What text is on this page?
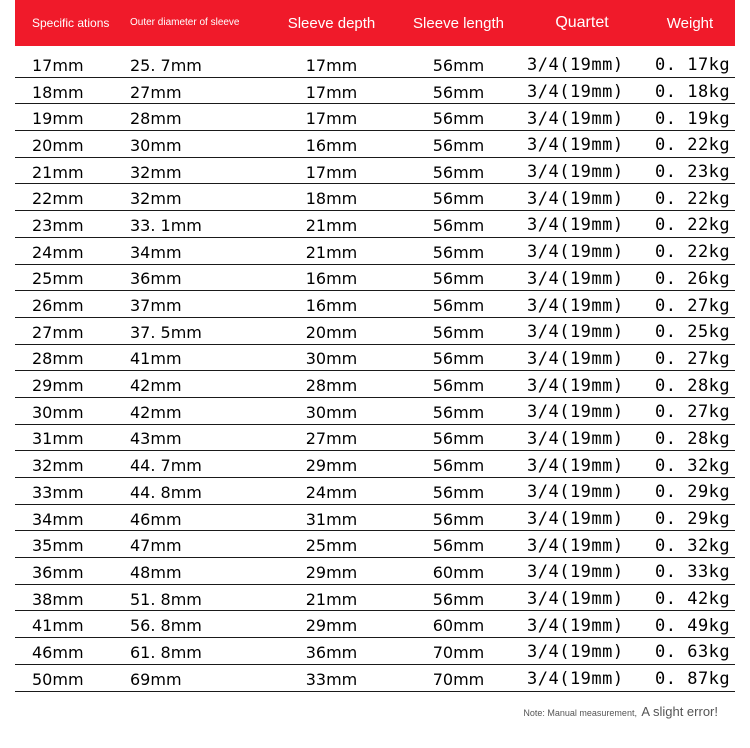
Specific ations	Outer diameter of sleeve	Sleeve depth	Sleeve length	Quartet	Weight
17mm	25. 7mm	17mm	56mm	3/4(19mm)	0. 17kg
18mm	27mm	17mm	56mm	3/4(19mm)	0. 18kg
19mm	28mm	17mm	56mm	3/4(19mm)	0. 19kg
20mm	30mm	16mm	56mm	3/4(19mm)	0. 22kg
21mm	32mm	17mm	56mm	3/4(19mm)	0. 23kg
22mm	32mm	18mm	56mm	3/4(19mm)	0. 22kg
23mm	33. 1mm	21mm	56mm	3/4(19mm)	0. 22kg
24mm	34mm	21mm	56mm	3/4(19mm)	0. 22kg
25mm	36mm	16mm	56mm	3/4(19mm)	0. 26kg
26mm	37mm	16mm	56mm	3/4(19mm)	0. 27kg
27mm	37. 5mm	20mm	56mm	3/4(19mm)	0. 25kg
28mm	41mm	30mm	56mm	3/4(19mm)	0. 27kg
29mm	42mm	28mm	56mm	3/4(19mm)	0. 28kg
30mm	42mm	30mm	56mm	3/4(19mm)	0. 27kg
31mm	43mm	27mm	56mm	3/4(19mm)	0. 28kg
32mm	44. 7mm	29mm	56mm	3/4(19mm)	0. 32kg
33mm	44. 8mm	24mm	56mm	3/4(19mm)	0. 29kg
34mm	46mm	31mm	56mm	3/4(19mm)	0. 29kg
35mm	47mm	25mm	56mm	3/4(19mm)	0. 32kg
36mm	48mm	29mm	60mm	3/4(19mm)	0. 33kg
38mm	51. 8mm	21mm	56mm	3/4(19mm)	0. 42kg
41mm	56. 8mm	29mm	60mm	3/4(19mm)	0. 49kg
46mm	61. 8mm	36mm	70mm	3/4(19mm)	0. 63kg
50mm	69mm	33mm	70mm	3/4(19mm)	0. 87kg
Note: Manual measurement, A slight error!
